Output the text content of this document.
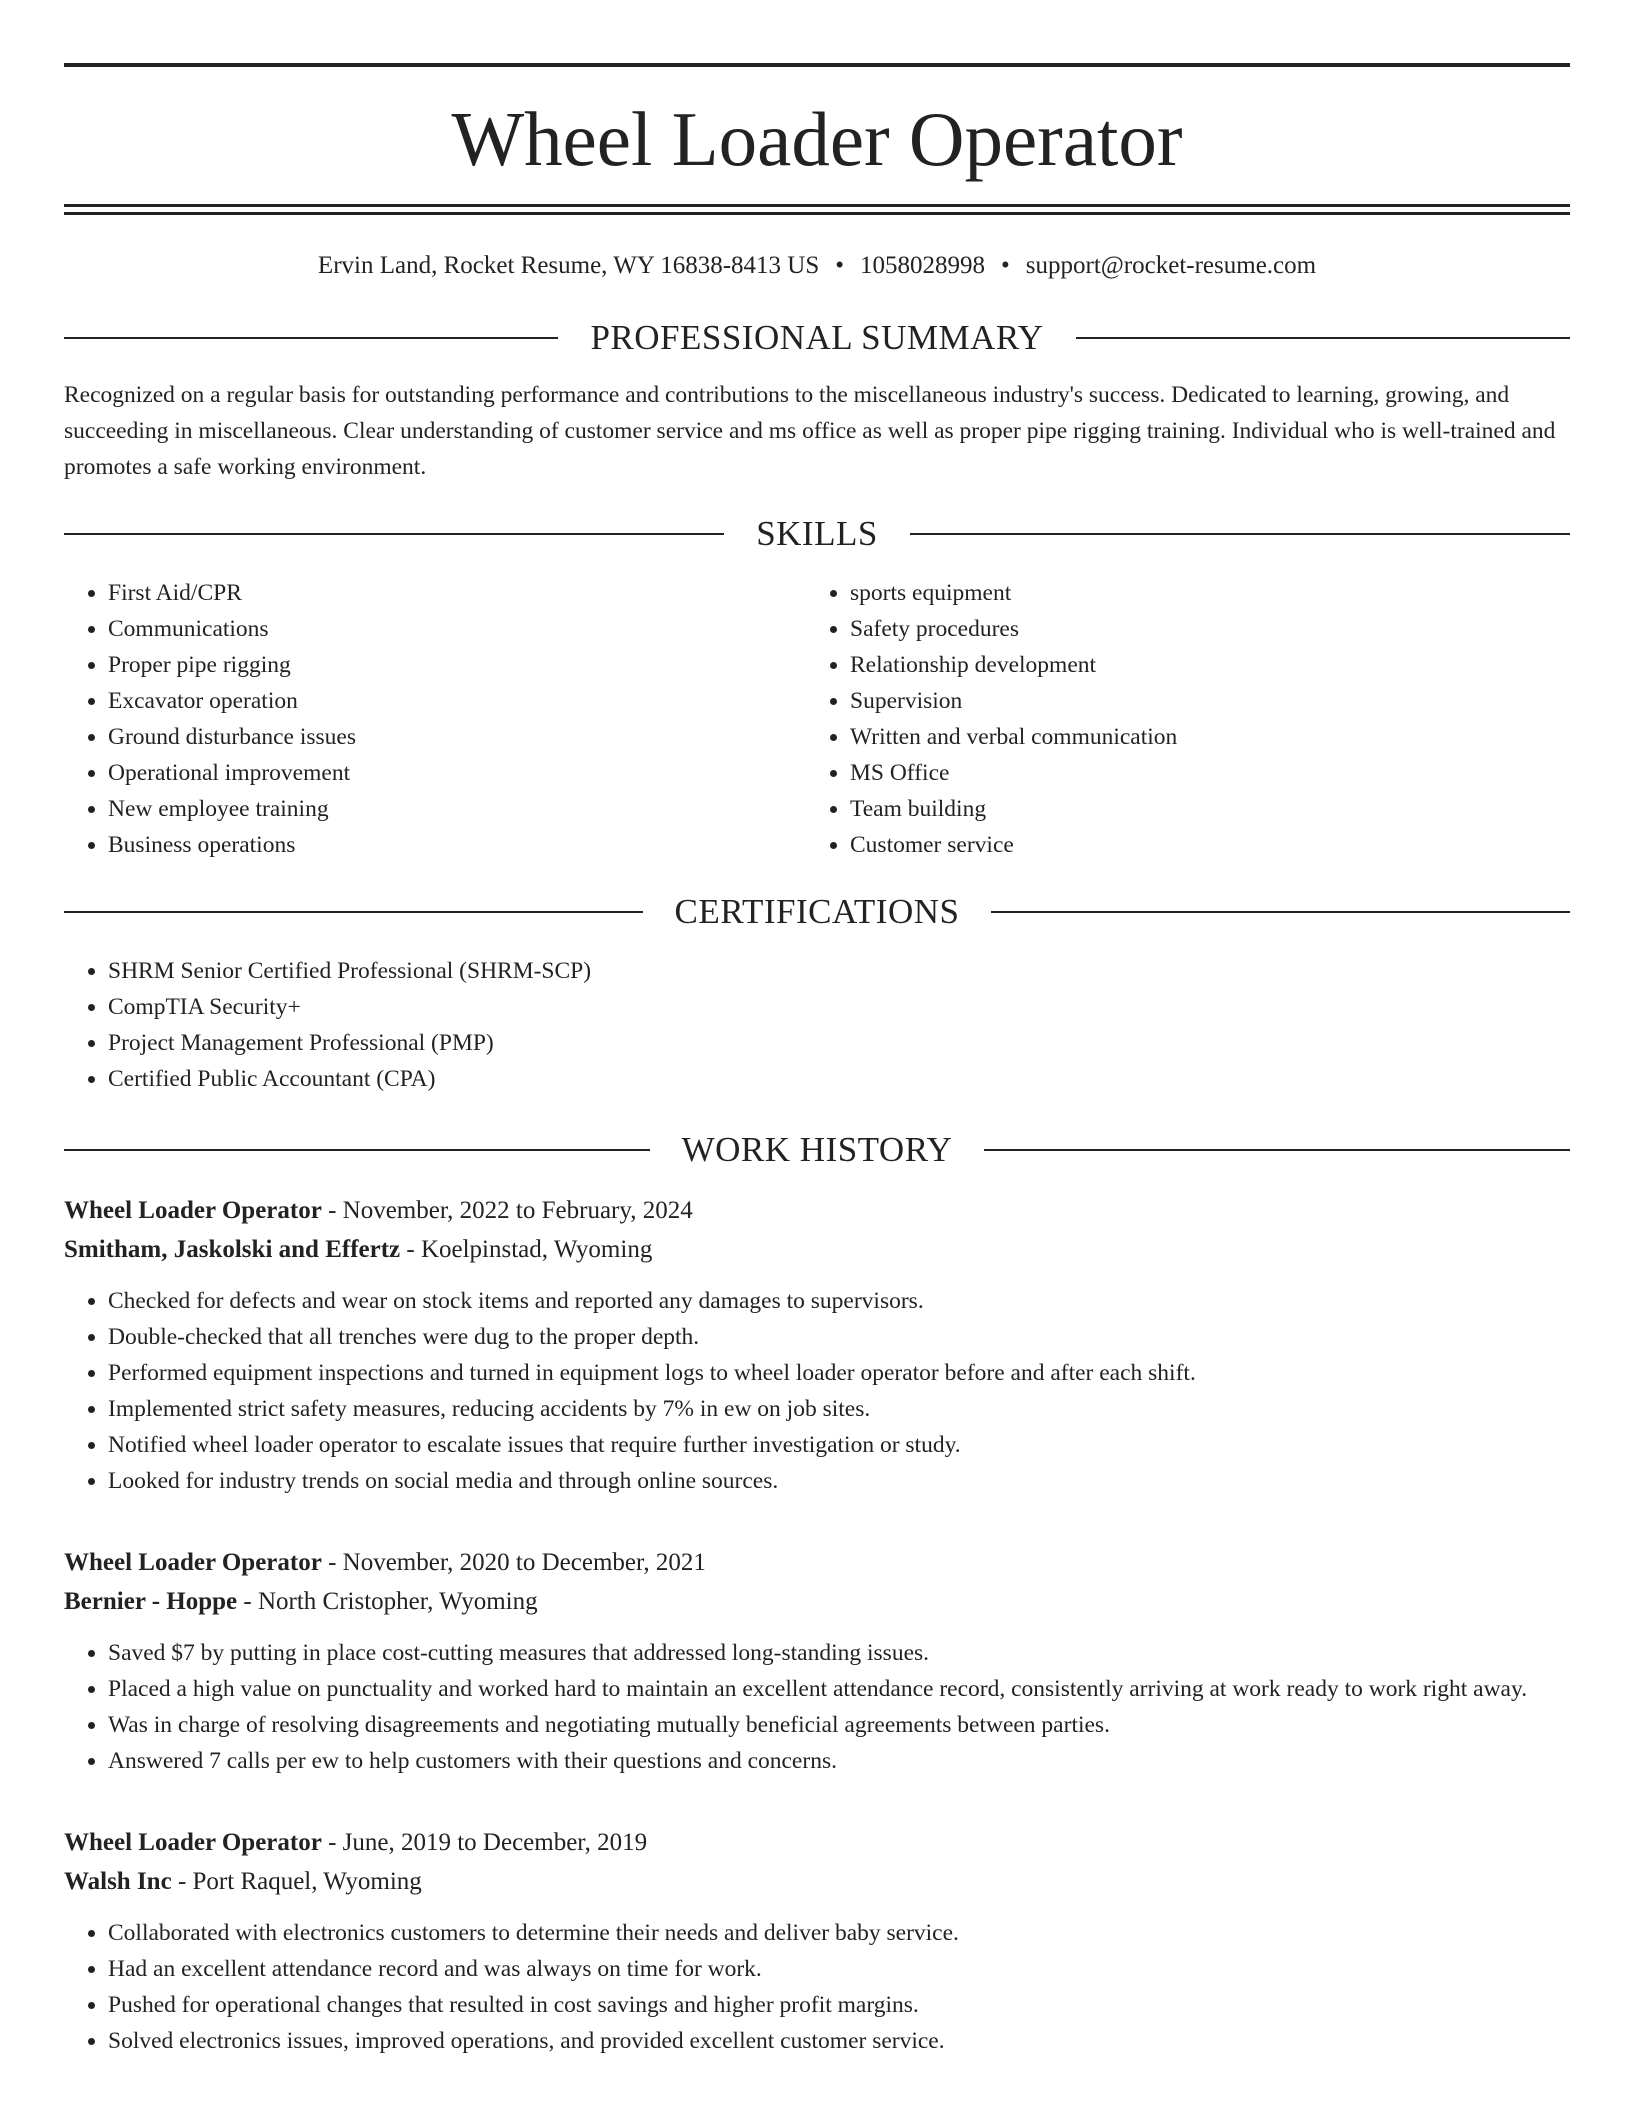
Wheel Loader Operator
Ervin Land, Rocket Resume, WY 16838-8413 US • 1058028998 • support@rocket-resume.com
PROFESSIONAL SUMMARY
Recognized on a regular basis for outstanding performance and contributions to the miscellaneous industry's success. Dedicated to learning, growing, and succeeding in miscellaneous. Clear understanding of customer service and ms office as well as proper pipe rigging training. Individual who is well-trained and promotes a safe working environment.
SKILLS
• First Aid/CPR
• Communications
• Proper pipe rigging
• Excavator operation
• Ground disturbance issues
• Operational improvement
• New employee training
• Business operations
• sports equipment
• Safety procedures
• Relationship development
• Supervision
• Written and verbal communication
• MS Office
• Team building
• Customer service
CERTIFICATIONS
• SHRM Senior Certified Professional (SHRM-SCP)
• CompTIA Security+
• Project Management Professional (PMP)
• Certified Public Accountant (CPA)
WORK HISTORY
Wheel Loader Operator - November, 2022 to February, 2024
Smitham, Jaskolski and Effertz - Koelpinstad, Wyoming
• Checked for defects and wear on stock items and reported any damages to supervisors.
• Double-checked that all trenches were dug to the proper depth.
• Performed equipment inspections and turned in equipment logs to wheel loader operator before and after each shift.
• Implemented strict safety measures, reducing accidents by 7% in ew on job sites.
• Notified wheel loader operator to escalate issues that require further investigation or study.
• Looked for industry trends on social media and through online sources.
Wheel Loader Operator - November, 2020 to December, 2021
Bernier - Hoppe - North Cristopher, Wyoming
• Saved $7 by putting in place cost-cutting measures that addressed long-standing issues.
• Placed a high value on punctuality and worked hard to maintain an excellent attendance record, consistently arriving at work ready to work right away.
• Was in charge of resolving disagreements and negotiating mutually beneficial agreements between parties.
• Answered 7 calls per ew to help customers with their questions and concerns.
Wheel Loader Operator - June, 2019 to December, 2019
Walsh Inc - Port Raquel, Wyoming
• Collaborated with electronics customers to determine their needs and deliver baby service.
• Had an excellent attendance record and was always on time for work.
• Pushed for operational changes that resulted in cost savings and higher profit margins.
• Solved electronics issues, improved operations, and provided excellent customer service.
